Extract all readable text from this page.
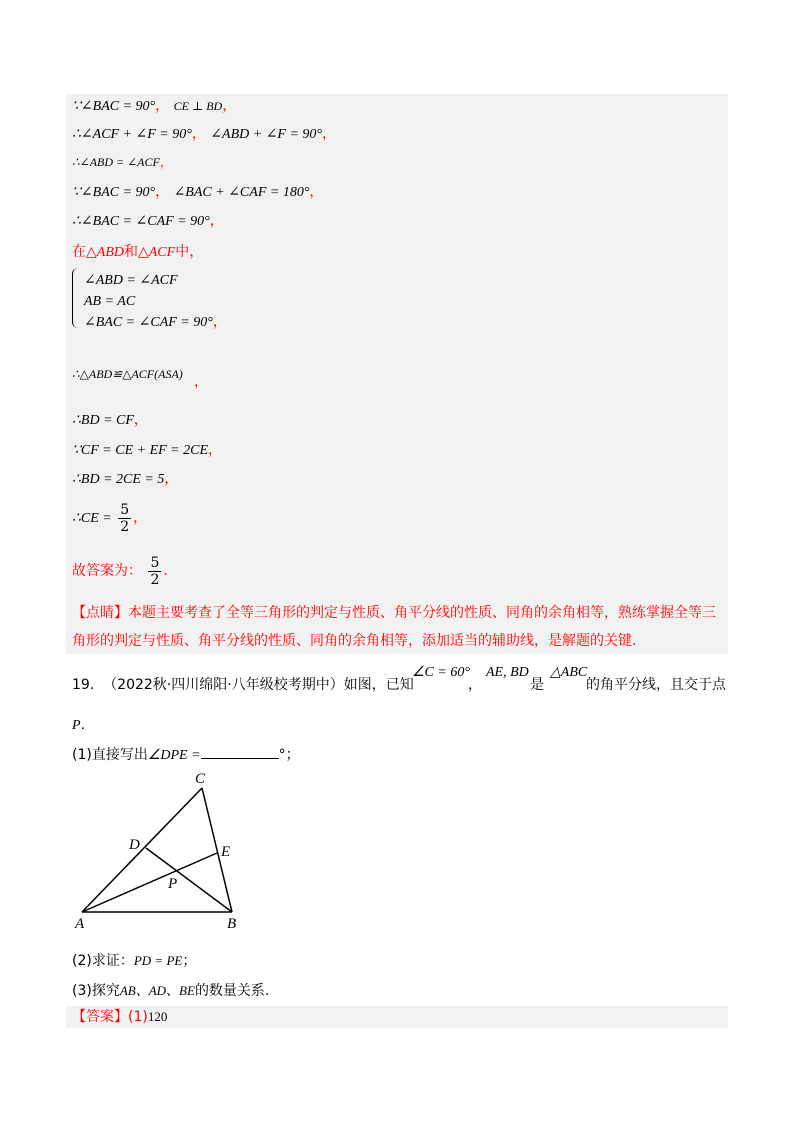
∵∠BAC = 90°， CE ⊥ BD，
∴∠ACF + ∠F = 90°， ∠ABD + ∠F = 90°，
∴∠ABD = ∠ACF，
∵∠BAC = 90°， ∠BAC + ∠CAF = 180°，
∴∠BAC = ∠CAF = 90°，
在△ABD和△ACF中，
∠ABD = ∠ACF
AB = AC
∠BAC = ∠CAF = 90°，
∴△ABD≌△ACF(ASA) ，
∴BD = CF，
∵CF = CE + EF = 2CE，
∴BD = 2CE = 5，
∴CE = $\frac{5}{2}$ ，
故答案为： $\frac{5}{2}$ ．
【点睛】本题主要考查了全等三角形的判定与性质、角平分线的性质、同角的余角相等，熟练掌握全等三角形的判定与性质、角平分线的性质、同角的余角相等，添加适当的辅助线，是解题的关键.
19. （2022秋·四川绵阳·八年级校考期中）如图，已知
∠C = 60°
，
AE, BD
是
△ABC
的角平分线，且交于点
P．
(1)直接写出∠DPE =	°；
A	B
C
D	E
P
(2)求证：PD = PE；
(3)探究AB、AD、BE的数量关系.
【答案】(1)120
